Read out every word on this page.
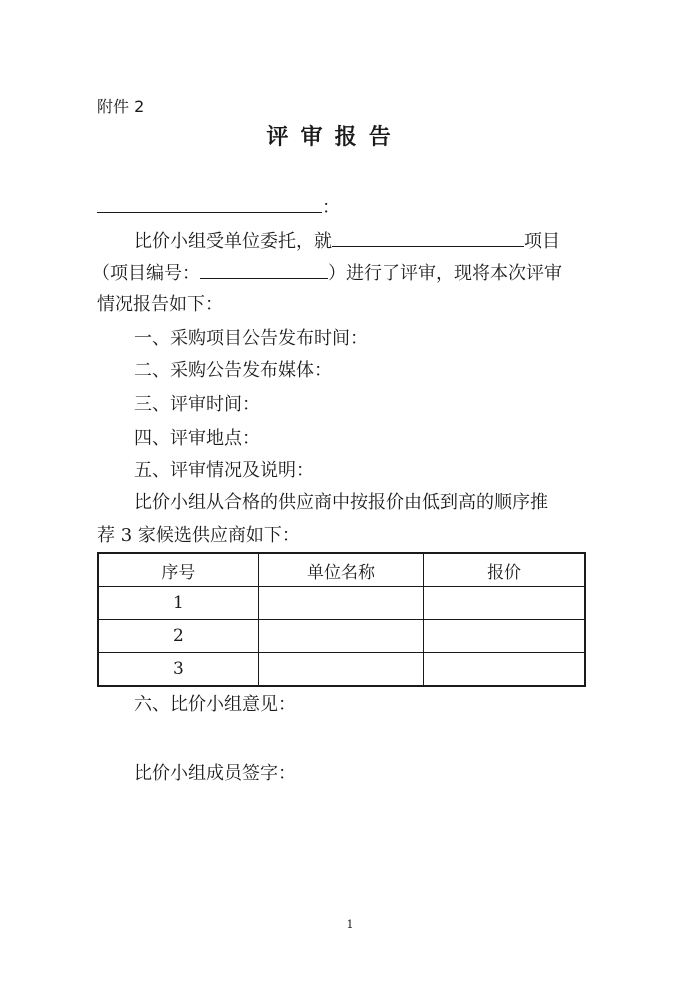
附件 2
评审报告
：
比价小组受单位委托，就	项目
（项目编号：	）进行了评审，现将本次评审
情况报告如下：
一、采购项目公告发布时间：
二、采购公告发布媒体：
三、评审时间：
四、评审地点：
五、评审情况及说明：
比价小组从合格的供应商中按报价由低到高的顺序推
荐 3 家候选供应商如下：
序号	单位名称	报价
1		
2		
3		
六、比价小组意见：
比价小组成员签字：
1
